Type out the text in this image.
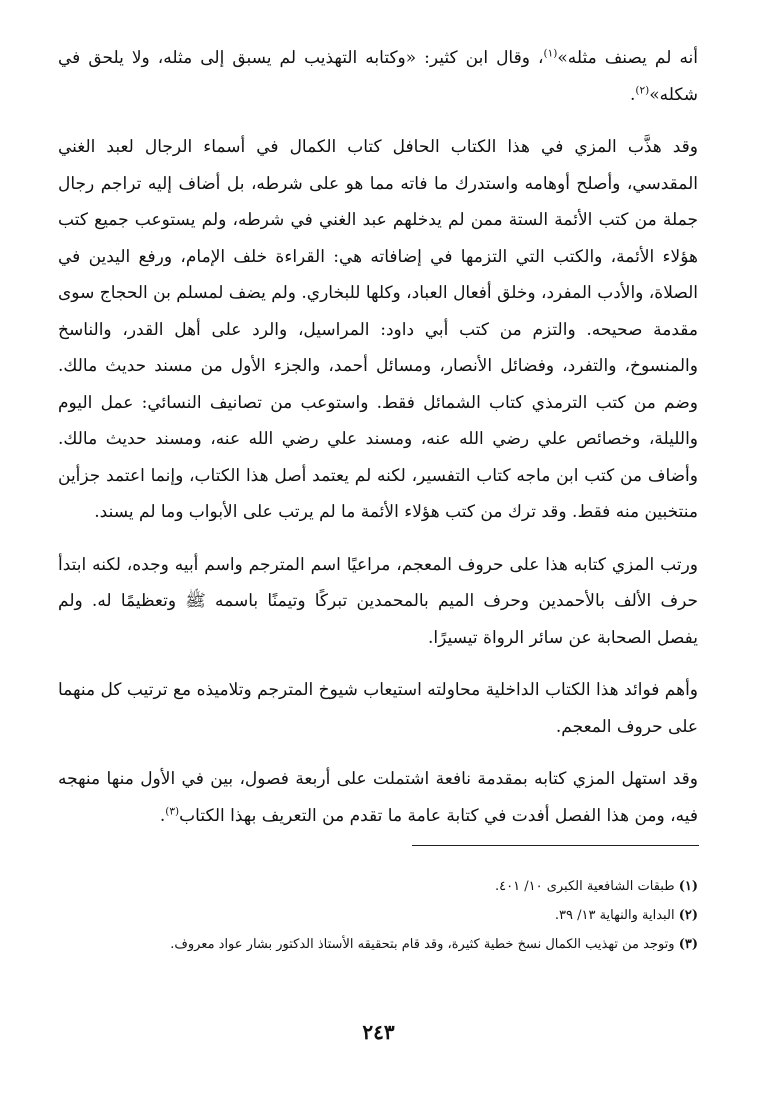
أنه لم يصنف مثله»$^{(١)}$، وقال ابن كثير: «وكتابه التهذيب لم يسبق إلى مثله، ولا يلحق في شكله»$^{(٢)}$.

وقد هذَّب المزي في هذا الكتاب الحافل كتاب الكمال في أسماء الرجال لعبد الغني المقدسي، وأصلح أوهامه واستدرك ما فاته مما هو على شرطه، بل أضاف إليه تراجم رجال جملة من كتب الأئمة الستة ممن لم يدخلهم عبد الغني في شرطه، ولم يستوعب جميع كتب هؤلاء الأئمة، والكتب التي التزمها في إضافاته هي: القراءة خلف الإمام، ورفع اليدين في الصلاة، والأدب المفرد، وخلق أفعال العباد، وكلها للبخاري. ولم يضف لمسلم بن الحجاج سوى مقدمة صحيحه. والتزم من كتب أبي داود: المراسيل، والرد على أهل القدر، والناسخ والمنسوخ، والتفرد، وفضائل الأنصار، ومسائل أحمد، والجزء الأول من مسند حديث مالك. وضم من كتب الترمذي كتاب الشمائل فقط. واستوعب من تصانيف النسائي: عمل اليوم والليلة، وخصائص علي رضي الله عنه، ومسند علي رضي الله عنه، ومسند حديث مالك. وأضاف من كتب ابن ماجه كتاب التفسير، لكنه لم يعتمد أصل هذا الكتاب، وإنما اعتمد جزأين منتخبين منه فقط. وقد ترك من كتب هؤلاء الأئمة ما لم يرتب على الأبواب وما لم يسند.

ورتب المزي كتابه هذا على حروف المعجم، مراعيًا اسم المترجم واسم أبيه وجده، لكنه ابتدأ حرف الألف بالأحمدين وحرف الميم بالمحمدين تبركًا وتيمنًا باسمه ﷺ وتعظيمًا له. ولم يفصل الصحابة عن سائر الرواة تيسيرًا.

وأهم فوائد هذا الكتاب الداخلية محاولته استيعاب شيوخ المترجم وتلاميذه مع ترتيب كل منهما على حروف المعجم.

وقد استهل المزي كتابه بمقدمة نافعة اشتملت على أربعة فصول، بين في الأول منها منهجه فيه، ومن هذا الفصل أفدت في كتابة عامة ما تقدم من التعريف بهذا الكتاب$^{(٣)}$.

(١) طبقات الشافعية الكبرى ١٠/ ٤٠١.

(٢) البداية والنهاية ١٣/ ٣٩.

(٣) وتوجد من تهذيب الكمال نسخ خطية كثيرة، وقد قام بتحقيقه الأستاذ الدكتور بشار عواد معروف.

٢٤٣
